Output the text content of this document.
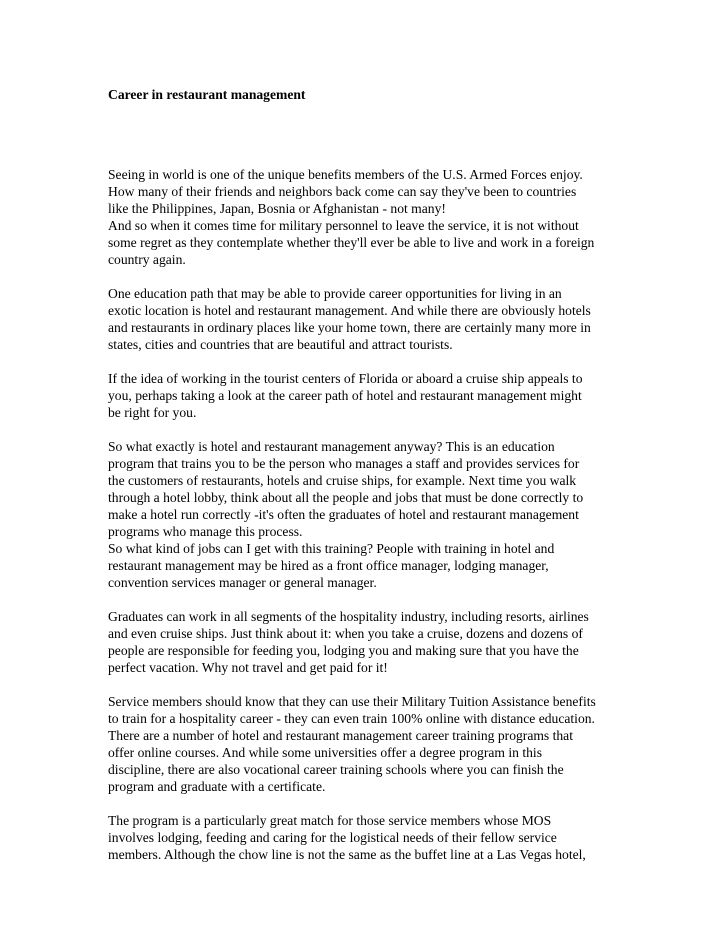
Career in restaurant management

Seeing in world is one of the unique benefits members of the U.S. Armed Forces enjoy.
How many of their friends and neighbors back come can say they've been to countries
like the Philippines, Japan, Bosnia or Afghanistan - not many!

And so when it comes time for military personnel to leave the service, it is not without
some regret as they contemplate whether they'll ever be able to live and work in a foreign
country again.

One education path that may be able to provide career opportunities for living in an
exotic location is hotel and restaurant management. And while there are obviously hotels
and restaurants in ordinary places like your home town, there are certainly many more in
states, cities and countries that are beautiful and attract tourists.

If the idea of working in the tourist centers of Florida or aboard a cruise ship appeals to
you, perhaps taking a look at the career path of hotel and restaurant management might
be right for you.

So what exactly is hotel and restaurant management anyway? This is an education
program that trains you to be the person who manages a staff and provides services for
the customers of restaurants, hotels and cruise ships, for example. Next time you walk
through a hotel lobby, think about all the people and jobs that must be done correctly to
make a hotel run correctly -it's often the graduates of hotel and restaurant management
programs who manage this process.

So what kind of jobs can I get with this training? People with training in hotel and
restaurant management may be hired as a front office manager, lodging manager,
convention services manager or general manager.

Graduates can work in all segments of the hospitality industry, including resorts, airlines
and even cruise ships. Just think about it: when you take a cruise, dozens and dozens of
people are responsible for feeding you, lodging you and making sure that you have the
perfect vacation. Why not travel and get paid for it!

Service members should know that they can use their Military Tuition Assistance benefits
to train for a hospitality career - they can even train 100% online with distance education.
There are a number of hotel and restaurant management career training programs that
offer online courses. And while some universities offer a degree program in this
discipline, there are also vocational career training schools where you can finish the
program and graduate with a certificate.

The program is a particularly great match for those service members whose MOS
involves lodging, feeding and caring for the logistical needs of their fellow service
members. Although the chow line is not the same as the buffet line at a Las Vegas hotel,
